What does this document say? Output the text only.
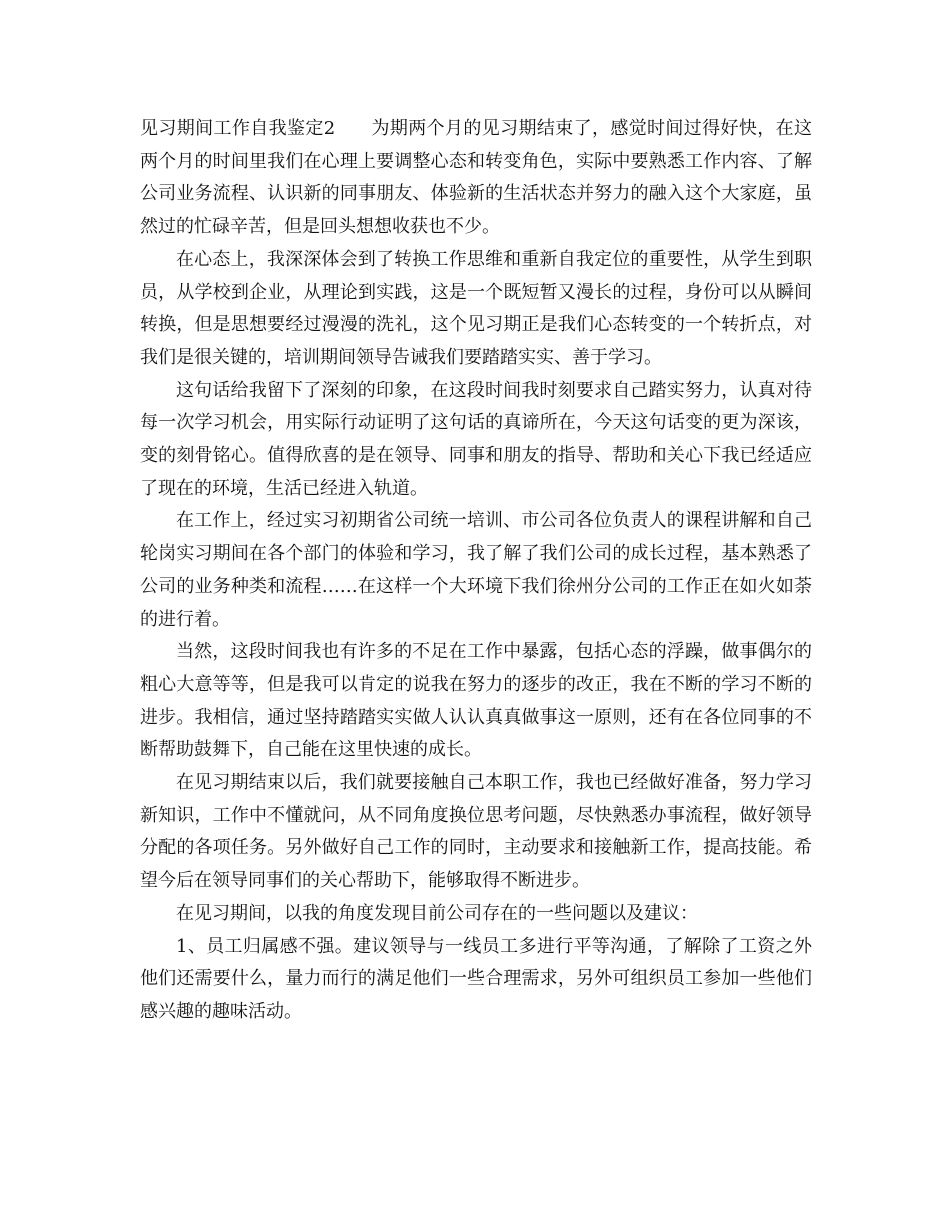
见习期间工作自我鉴定2 为期两个月的见习期结束了，感觉时间过得好快，在这两个月的时间里我们在心理上要调整心态和转变角色，实际中要熟悉工作内容、了解公司业务流程、认识新的同事朋友、体验新的生活状态并努力的融入这个大家庭，虽然过的忙碌辛苦，但是回头想想收获也不少。

在心态上，我深深体会到了转换工作思维和重新自我定位的重要性，从学生到职员，从学校到企业，从理论到实践，这是一个既短暂又漫长的过程，身份可以从瞬间转换，但是思想要经过漫漫的洗礼，这个见习期正是我们心态转变的一个转折点，对我们是很关键的，培训期间领导告诫我们要踏踏实实、善于学习。

这句话给我留下了深刻的印象，在这段时间我时刻要求自己踏实努力，认真对待每一次学习机会，用实际行动证明了这句话的真谛所在，今天这句话变的更为深该，变的刻骨铭心。值得欣喜的是在领导、同事和朋友的指导、帮助和关心下我已经适应了现在的环境，生活已经进入轨道。

在工作上，经过实习初期省公司统一培训、市公司各位负责人的课程讲解和自己轮岗实习期间在各个部门的体验和学习，我了解了我们公司的成长过程，基本熟悉了公司的业务种类和流程……在这样一个大环境下我们徐州分公司的工作正在如火如荼的进行着。

当然，这段时间我也有许多的不足在工作中暴露，包括心态的浮躁，做事偶尔的粗心大意等等，但是我可以肯定的说我在努力的逐步的改正，我在不断的学习不断的进步。我相信，通过坚持踏踏实实做人认认真真做事这一原则，还有在各位同事的不断帮助鼓舞下，自己能在这里快速的成长。

在见习期结束以后，我们就要接触自己本职工作，我也已经做好准备，努力学习新知识，工作中不懂就问，从不同角度换位思考问题，尽快熟悉办事流程，做好领导分配的各项任务。另外做好自己工作的同时，主动要求和接触新工作，提高技能。希望今后在领导同事们的关心帮助下，能够取得不断进步。

在见习期间，以我的角度发现目前公司存在的一些问题以及建议：

1、员工归属感不强。建议领导与一线员工多进行平等沟通，了解除了工资之外他们还需要什么，量力而行的满足他们一些合理需求，另外可组织员工参加一些他们感兴趣的趣味活动。
